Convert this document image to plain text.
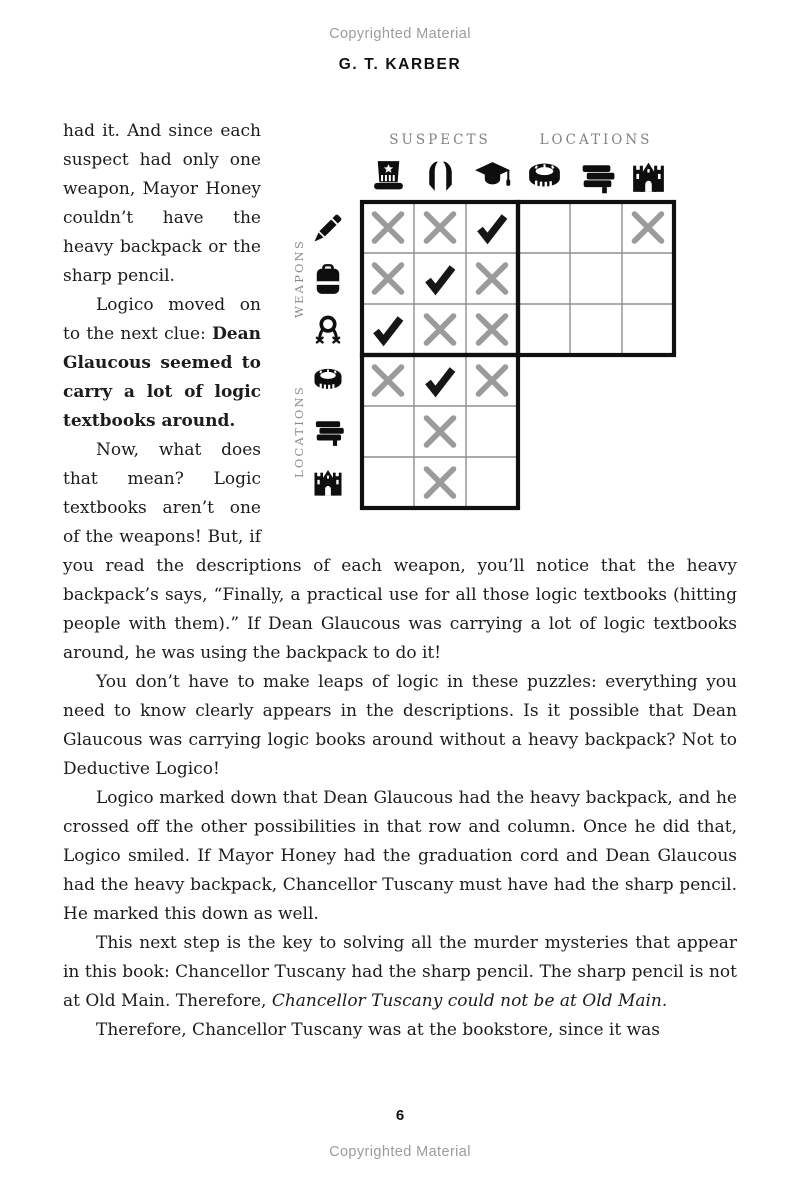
Copyrighted Material
G. T. KARBER
SUSPECTS	LOCATIONS
WEAPONS
LOCATIONS

had it. And since each suspect had only one weapon, Mayor Honey couldn’t have the heavy backpack or the sharp pencil.

Logico moved on to the next clue: Dean Glaucous seemed to carry a lot of logic textbooks around.

Now, what does that mean? Logic textbooks aren’t one of the weapons! But, if you read the descriptions of each weapon, you’ll notice that the heavy backpack’s says, “Finally, a practical use for all those logic textbooks (hitting people with them).” If Dean Glaucous was carrying a lot of logic textbooks around, he was using the backpack to do it!

You don’t have to make leaps of logic in these puzzles: everything you need to know clearly appears in the descriptions. Is it possible that Dean Glaucous was carrying logic books around without a heavy backpack? Not to Deductive Logico!

Logico marked down that Dean Glaucous had the heavy backpack, and he crossed off the other possibilities in that row and column. Once he did that, Logico smiled. If Mayor Honey had the graduation cord and Dean Glaucous had the heavy backpack, Chancellor Tuscany must have had the sharp pencil. He marked this down as well.

This next step is the key to solving all the murder mysteries that appear in this book: Chancellor Tuscany had the sharp pencil. The sharp pencil is not at Old Main. Therefore, Chancellor Tuscany could not be at Old Main.

Therefore, Chancellor Tuscany was at the bookstore, since it was

6
Copyrighted Material
